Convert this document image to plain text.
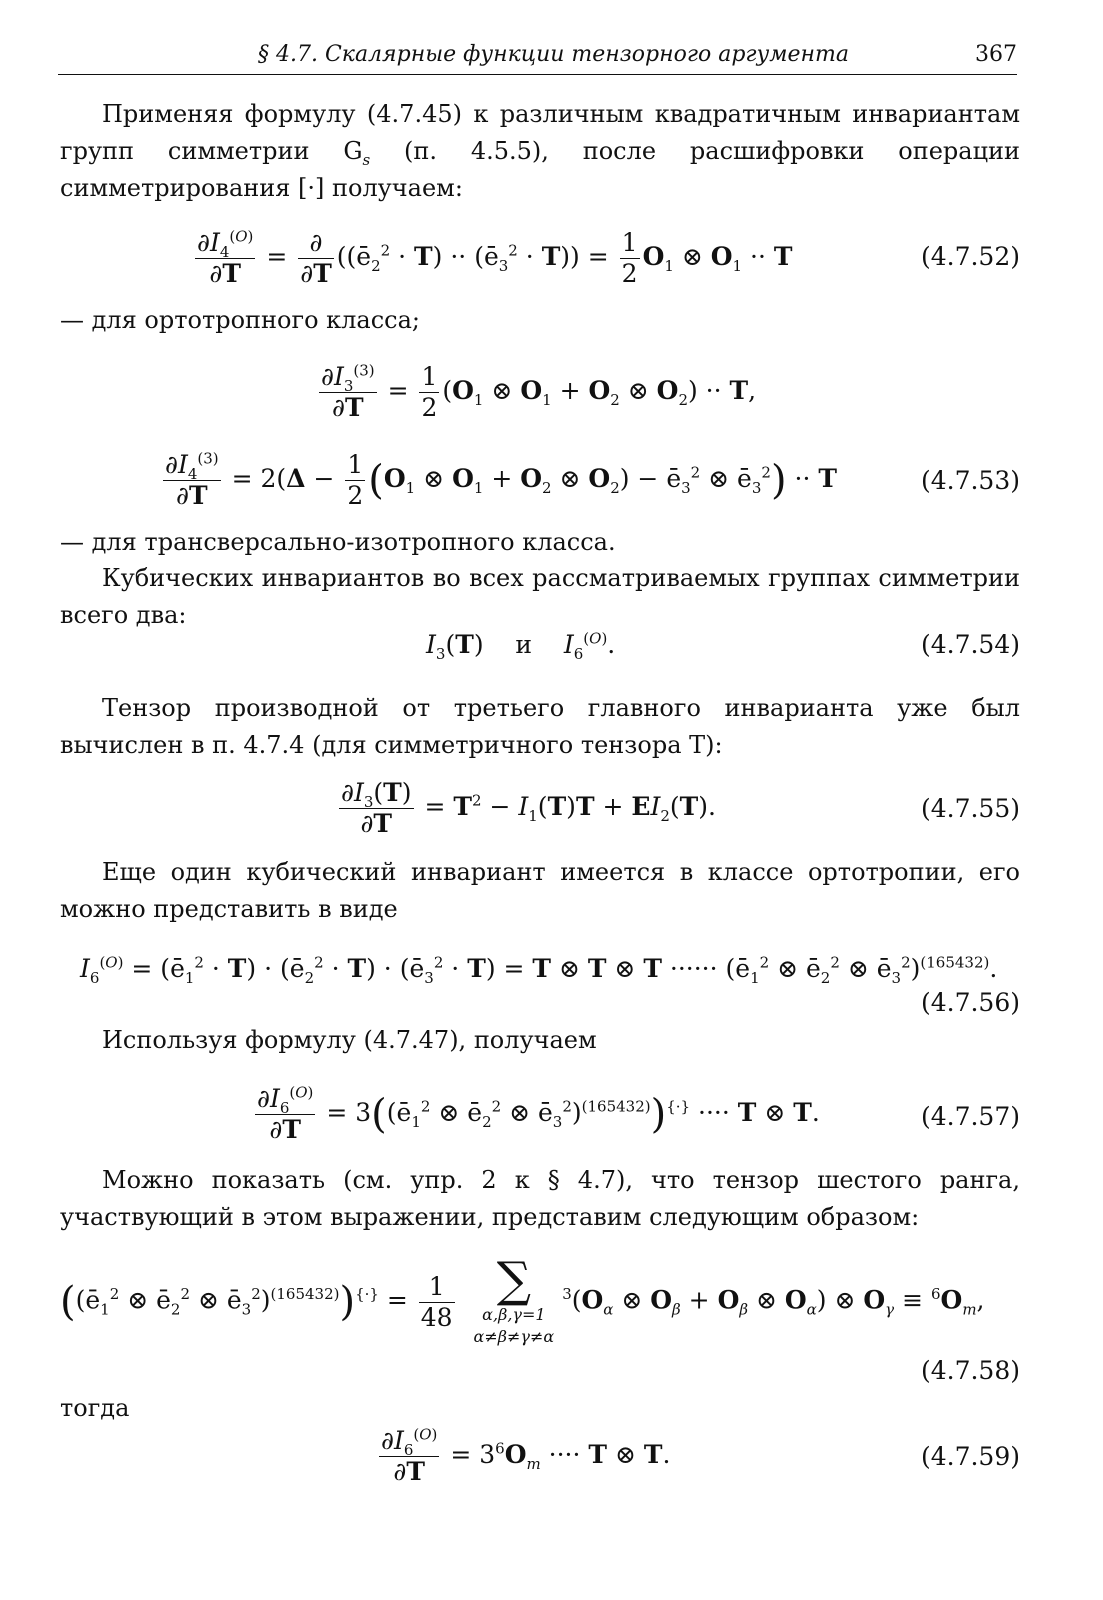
§ 4.7. Скалярные функции тензорного аргумента	367
Применяя формулу (4.7.45) к различным квадратичным инвариантам групп симметрии $G_s$ (п. 4.5.5), после расшифровки операции симметрирования [·] получаем:
$\frac{\partial I_4^{(O)}}{\partial T}$ = ∂
∂T
($(ē_2^2 \cdot T)$ ·· $(ē_3^2 \cdot T)) = \frac{1}{2} O_1$ ⊗ $O_1 \cdot\cdot T$	(4.7.52)
— для ортотропного класса;
$\frac{\partial I_3^{(3)}}{\partial T} = \frac{1}{2} (O_1$ ⊗ $O_1 + O_2$ ⊗ $O_2) \cdot\cdot T$,
$\frac{\partial I_4^{(3)}}{\partial T} = 2(\Delta - \frac{1}{2} (O_1$ ⊗ $O_1 + O_2$ ⊗ $O_2$) − $ē_3^2$ ⊗ $ē_3^2) \cdot\cdot T$	(4.7.53)
— для трансверсально-изотропного класса.
Кубических инвариантов во всех рассматриваемых группах симметрии всего два:
$I_3(T)$    и $I_6^{(O)}$.	(4.7.54)
Тензор производной от третьего главного инварианта уже был вычислен в п. 4.7.4 (для симметричного тензора T):
$\frac{\partial I_3(T)}{\partial T} = T^2 - I_1(T)T + EI_2(T)$.	(4.7.55)
Еще один кубический инвариант имеется в классе ортотропии, его можно представить в виде
$I_6^{(O)}$ = $(ē_1^2 \cdot T)$ · $(ē_2^2 \cdot T)$ · $(ē_3^2 \cdot T) = T$ ⊗ T ⊗ T ······ ($ē_1^2$ ⊗ $ē_2^2$ ⊗ $ē_3^2)^{(165432)}$.
(4.7.56)
Используя формулу (4.7.47), получаем
$\frac{\partial I_6^{(O)}}{\partial T}$ = $3((ē_1^2$ ⊗ $ē_2^2$ ⊗ $ē_3^2)^{(165432)})^{\{\cdot\}}$ ···· T ⊗ T.	(4.7.57)
Можно показать (см. упр. 2 к § 4.7), что тензор шестого ранга, участвующий в этом выражении, представим следующим образом:
(($ē_1^2$ ⊗ $ē_2^2$ ⊗ $ē_3^2)^{(165432)})^{\{\cdot\}} = \frac{1}{48}$
∑
α,β,γ=1
α≠β≠γ≠α
$^3(O_\alpha$ ⊗ $O_\beta + O_\beta$ ⊗ $O_\alpha$) ⊗ $O_\gamma \equiv ^6O_m$,
(4.7.58)
тогда
$\frac{\partial I_6^{(O)}}{\partial T} = 3^6O_m$ ···· T ⊗ T.	(4.7.59)
